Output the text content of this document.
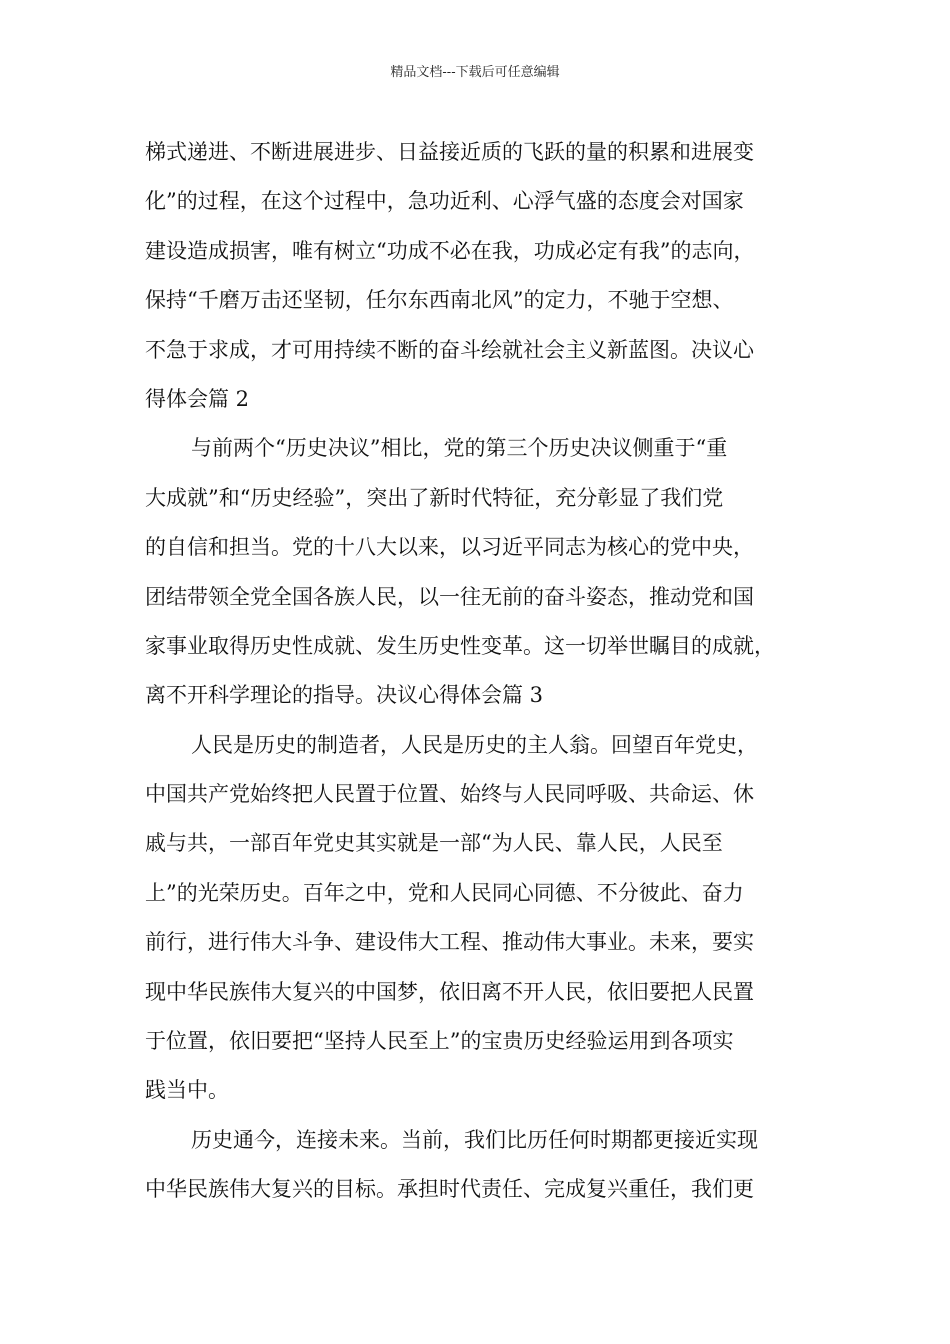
精品文档---下载后可任意编辑
梯式递进、不断进展进步、日益接近质的飞跃的量的积累和进展变
化”的过程，在这个过程中，急功近利、心浮气盛的态度会对国家
建设造成损害，唯有树立“功成不必在我，功成必定有我”的志向，
保持“千磨万击还坚韧，任尔东西南北风”的定力，不驰于空想、
不急于求成，才可用持续不断的奋斗绘就社会主义新蓝图。决议心
得体会篇 2
与前两个“历史决议”相比，党的第三个历史决议侧重于“重
大成就”和“历史经验”，突出了新时代特征，充分彰显了我们党
的自信和担当。党的十八大以来，以习近平同志为核心的党中央，
团结带领全党全国各族人民，以一往无前的奋斗姿态，推动党和国
家事业取得历史性成就、发生历史性变革。这一切举世瞩目的成就，
离不开科学理论的指导。决议心得体会篇 3
人民是历史的制造者，人民是历史的主人翁。回望百年党史，
中国共产党始终把人民置于位置、始终与人民同呼吸、共命运、休
戚与共，一部百年党史其实就是一部“为人民、靠人民，人民至
上”的光荣历史。百年之中，党和人民同心同德、不分彼此、奋力
前行，进行伟大斗争、建设伟大工程、推动伟大事业。未来，要实
现中华民族伟大复兴的中国梦，依旧离不开人民，依旧要把人民置
于位置，依旧要把“坚持人民至上”的宝贵历史经验运用到各项实
践当中。
历史通今，连接未来。当前，我们比历任何时期都更接近实现
中华民族伟大复兴的目标。承担时代责任、完成复兴重任，我们更
